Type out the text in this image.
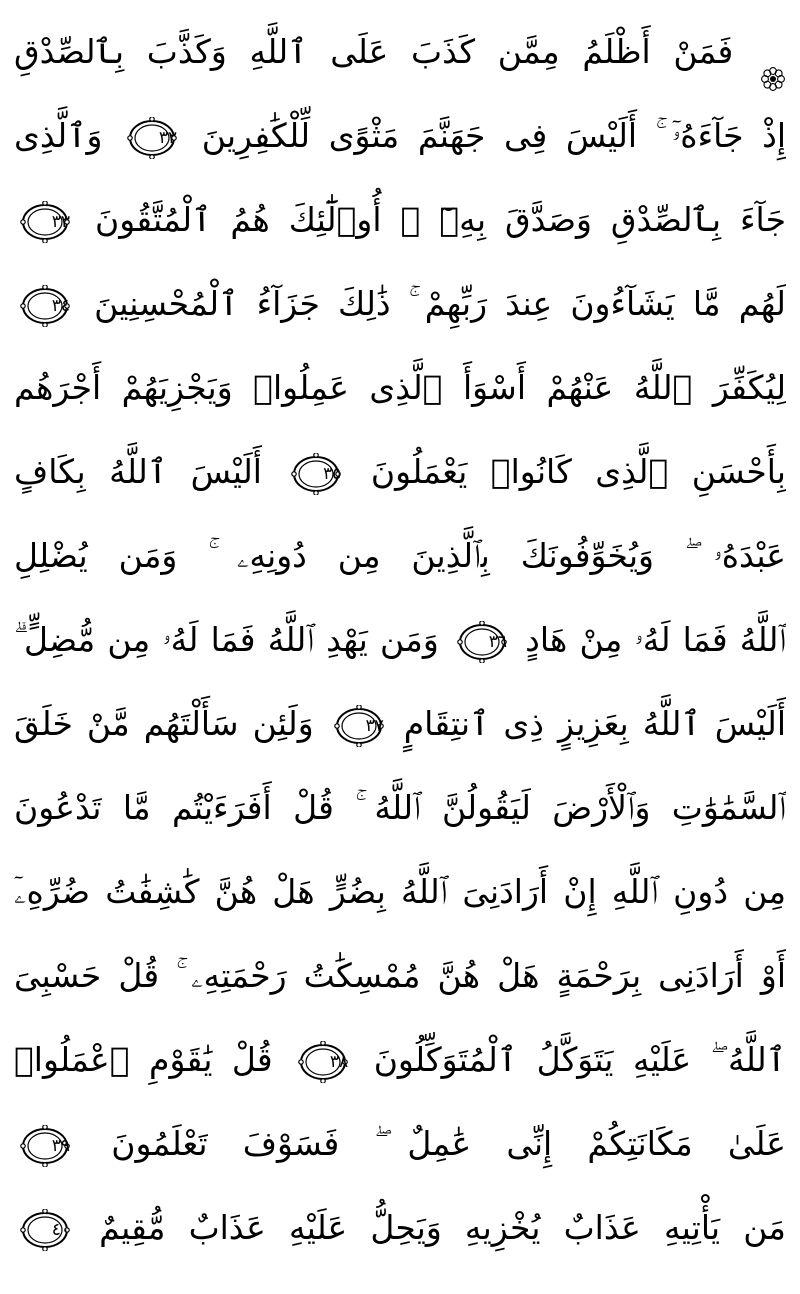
فَمَنْ أَظْلَمُ مِمَّن كَذَبَ عَلَى ٱللَّهِ وَكَذَّبَ بِٱلصِّدْقِ
إِذْ جَآءَهُۥٓ ۚ أَلَيْسَ فِى جَهَنَّمَ مَثْوًى لِّلْكَٰفِرِينَ
٣٢
وَٱلَّذِى
جَآءَ بِٱلصِّدْقِ وَصَدَّقَ بِهِۦٓ ۙ أُو۟لَٰٓئِكَ هُمُ ٱلْمُتَّقُونَ
٣٣
لَهُم مَّا يَشَآءُونَ عِندَ رَبِّهِمْ ۚ ذَٰلِكَ جَزَآءُ ٱلْمُحْسِنِينَ
٣٤
لِيُكَفِّرَ ٱللَّهُ عَنْهُمْ أَسْوَأَ ٱلَّذِى عَمِلُوا۟ وَيَجْزِيَهُمْ أَجْرَهُم
بِأَحْسَنِ ٱلَّذِى كَانُوا۟ يَعْمَلُونَ
٣٥
أَلَيْسَ ٱللَّهُ بِكَافٍ
عَبْدَهُۥ ۖ وَيُخَوِّفُونَكَ بِٱلَّذِينَ مِن دُونِهِۦ ۚ وَمَن يُضْلِلِ
ٱللَّهُ فَمَا لَهُۥ مِنْ هَادٍ
٣٦
وَمَن يَهْدِ ٱللَّهُ فَمَا لَهُۥ مِن مُّضِلٍّ ۗ
أَلَيْسَ ٱللَّهُ بِعَزِيزٍ ذِى ٱنتِقَامٍ
٣٧
وَلَئِن سَأَلْتَهُم مَّنْ خَلَقَ
ٱلسَّمَٰوَٰتِ وَٱلْأَرْضَ لَيَقُولُنَّ ٱللَّهُ ۚ قُلْ أَفَرَءَيْتُم مَّا تَدْعُونَ
مِن دُونِ ٱللَّهِ إِنْ أَرَادَنِىَ ٱللَّهُ بِضُرٍّ هَلْ هُنَّ كَٰشِفَٰتُ ضُرِّهِۦٓ
أَوْ أَرَادَنِى بِرَحْمَةٍ هَلْ هُنَّ مُمْسِكَٰتُ رَحْمَتِهِۦ ۚ قُلْ حَسْبِىَ
ٱللَّهُ ۖ عَلَيْهِ يَتَوَكَّلُ ٱلْمُتَوَكِّلُونَ
٣٨
قُلْ يَٰقَوْمِ ٱعْمَلُوا۟
عَلَىٰ مَكَانَتِكُمْ إِنِّى عَٰمِلٌ ۖ فَسَوْفَ تَعْلَمُونَ
٣٩
مَن يَأْتِيهِ عَذَابٌ يُخْزِيهِ وَيَحِلُّ عَلَيْهِ عَذَابٌ مُّقِيمٌ
٤٠
